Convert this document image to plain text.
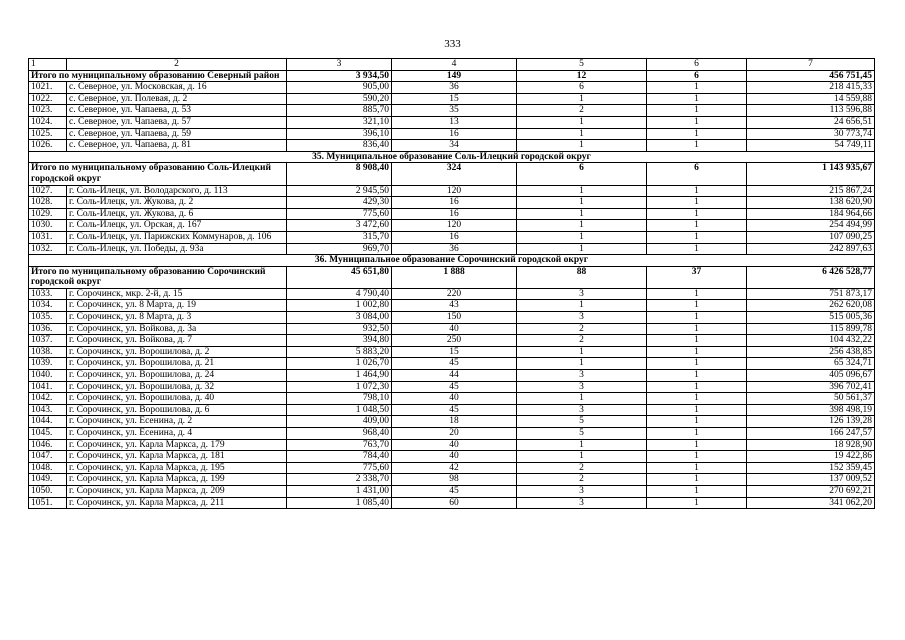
333
1	2	3	4	5	6	7
Итого по муниципальному образованию Северный район		3 934,50	149	12	6	456 751,45
1021.	с. Северное, ул. Московская, д. 16	905,00	36	6	1	218 415,33
1022.	с. Северное, ул. Полевая, д. 2	590,20	15	1	1	14 559,88
1023.	с. Северное, ул. Чапаева, д. 53	885,70	35	2	1	113 596,88
1024.	с. Северное, ул. Чапаева, д. 57	321,10	13	1	1	24 656,51
1025.	с. Северное, ул. Чапаева, д. 59	396,10	16	1	1	30 773,74
1026.	с. Северное, ул. Чапаева, д. 81	836,40	34	1	1	54 749,11
35. Муниципальное образование Соль-Илецкий городской округ						
Итого по муниципальному образованию Соль-Илецкий городской округ		8 908,40	324	6	6	1 143 935,67
1027.	г. Соль-Илецк, ул. Володарского, д. 113	2 945,50	120	1	1	215 867,24
1028.	г. Соль-Илецк, ул. Жукова, д. 2	429,30	16	1	1	138 620,90
1029.	г. Соль-Илецк, ул. Жукова, д. 6	775,60	16	1	1	184 964,66
1030.	г. Соль-Илецк, ул. Орская, д. 167	3 472,60	120	1	1	254 494,99
1031.	г. Соль-Илецк, ул. Парижских Коммунаров, д. 106	315,70	16	1	1	107 090,25
1032.	г. Соль-Илецк, ул. Победы, д. 93а	969,70	36	1	1	242 897,63
36. Муниципальное образование Сорочинский городской округ						
Итого по муниципальному образованию Сорочинский городской округ		45 651,80	1 888	88	37	6 426 528,77
1033.	г. Сорочинск, мкр. 2-й, д. 15	4 790,40	220	3	1	751 873,17
1034.	г. Сорочинск, ул. 8 Марта, д. 19	1 002,80	43	1	1	262 620,08
1035.	г. Сорочинск, ул. 8 Марта, д. 3	3 084,00	150	3	1	515 005,36
1036.	г. Сорочинск, ул. Войкова, д. 3а	932,50	40	2	1	115 899,78
1037.	г. Сорочинск, ул. Войкова, д. 7	394,80	250	2	1	104 432,22
1038.	г. Сорочинск, ул. Ворошилова, д. 2	5 883,20	15	1	1	256 438,85
1039.	г. Сорочинск, ул. Ворошилова, д. 21	1 026,70	45	1	1	65 324,71
1040.	г. Сорочинск, ул. Ворошилова, д. 24	1 464,90	44	3	1	405 096,67
1041.	г. Сорочинск, ул. Ворошилова, д. 32	1 072,30	45	3	1	396 702,41
1042.	г. Сорочинск, ул. Ворошилова, д. 40	798,10	40	1	1	50 561,37
1043.	г. Сорочинск, ул. Ворошилова, д. 6	1 048,50	45	3	1	398 498,19
1044.	г. Сорочинск, ул. Есенина, д. 2	409,00	18	5	1	126 139,28
1045.	г. Сорочинск, ул. Есенина, д. 4	968,40	20	5	1	166 247,57
1046.	г. Сорочинск, ул. Карла Маркса, д. 179	763,70	40	1	1	18 928,90
1047.	г. Сорочинск, ул. Карла Маркса, д. 181	784,40	40	1	1	19 422,86
1048.	г. Сорочинск, ул. Карла Маркса, д. 195	775,60	42	2	1	152 359,45
1049.	г. Сорочинск, ул. Карла Маркса, д. 199	2 338,70	98	2	1	137 009,52
1050.	г. Сорочинск, ул. Карла Маркса, д. 209	1 431,00	45	3	1	270 692,21
1051.	г. Сорочинск, ул. Карла Маркса, д. 211	1 085,40	60	3	1	341 062,20
